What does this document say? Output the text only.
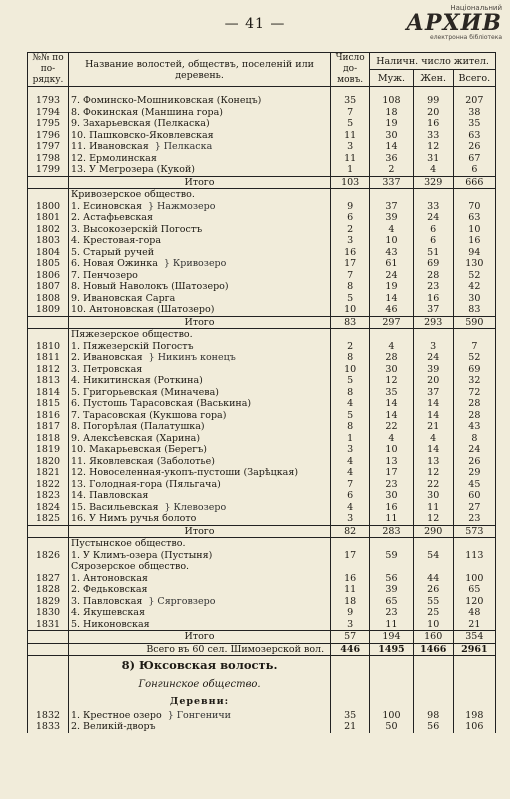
— 41 —
Національний
АРХИВ
електронна бібліотека
№№ по по-рядку.	Название волостей, обществъ, поселеній или деревень.	Число до-мовъ.	Наличн. число жител.		
			Муж.	Жен.	Всего.

1793	7. Фоминско-Мошниковская (Конецъ)	35	108	99	207
1794	8. Фокинская (Маншина гора)	7	18	20	38
1795	9. Захарьевская (Пелкаска)	5	19	16	35
1796	10. Пашковско-Яковлевская	11	30	33	63
1797	11. Ивановская } Пелкаска	3	14	12	26
1798	12. Ермолинская	11	36	31	67
1799	13. У Мегрозера (Кукой)	1	2	4	6
	Итого	103	337	329	666
	Кривозерское общество.				
1800	1. Есиновская } Нажмозеро	9	37	33	70
1801	2. Астафьевская	6	39	24	63
1802	3. Высокозерскій Погостъ	2	4	6	10
1803	4. Крестовая-гора	3	10	6	16
1804	5. Старый ручей	16	43	51	94
1805	6. Новая Ожинка } Кривозеро	17	61	69	130
1806	7. Пенчозеро	7	24	28	52
1807	8. Новый Наволокъ (Шатозеро)	8	19	23	42
1808	9. Ивановская Сарга	5	14	16	30
1809	10. Антоновская (Шатозеро)	10	46	37	83
	Итого	83	297	293	590
	Пяжезерское общество.				
1810	1. Пяжезерскій Погостъ	2	4	3	7
1811	2. Ивановская } Никинъ конецъ	8	28	24	52
1812	3. Петровская	10	30	39	69
1813	4. Никитинская (Роткина)	5	12	20	32
1814	5. Григорьевская (Миначева)	8	35	37	72
1815	6. Пустошь Тарасовская (Васькина)	4	14	14	28
1816	7. Тарасовская (Кукшова гора)	5	14	14	28
1817	8. Погорѣлая (Палатушка)	8	22	21	43
1818	9. Алексѣевская (Харина)	1	4	4	8
1819	10. Макарьевская (Берегъ)	3	10	14	24
1820	11. Яковлевская (Заболотье)	4	13	13	26
1821	12. Новоселенная-укопъ-пустоши (Зарѣцкая)	4	17	12	29
1822	13. Голодная-гора (Пяльгача)	7	23	22	45
1823	14. Павловская	6	30	30	60
1824	15. Васильевская } Клевозеро	4	16	11	27
1825	16. У Нимъ ручья болото	3	11	12	23
	Итого	82	283	290	573
	Пустынское общество.				
1826	1. У Климъ-озера (Пустыня)	17	59	54	113
	Сярозерское общество.				
1827	1. Антоновская	16	56	44	100
1828	2. Федьковская	11	39	26	65
1829	3. Павловская } Сярговзеро	18	65	55	120
1830	4. Якушевская	9	23	25	48
1831	5. Никоновская	3	11	10	21
	Итого	57	194	160	354
	Всего въ 60 сел. Шимозерской вол.	446	1495	1466	2961
	8) Юксовская волость.				
	Гонгинское общество.				
	Деревни:				
1832	1. Крестное озеро } Гонгеничи	35	100	98	198
1833	2. Великій-дворъ	21	50	56	106
